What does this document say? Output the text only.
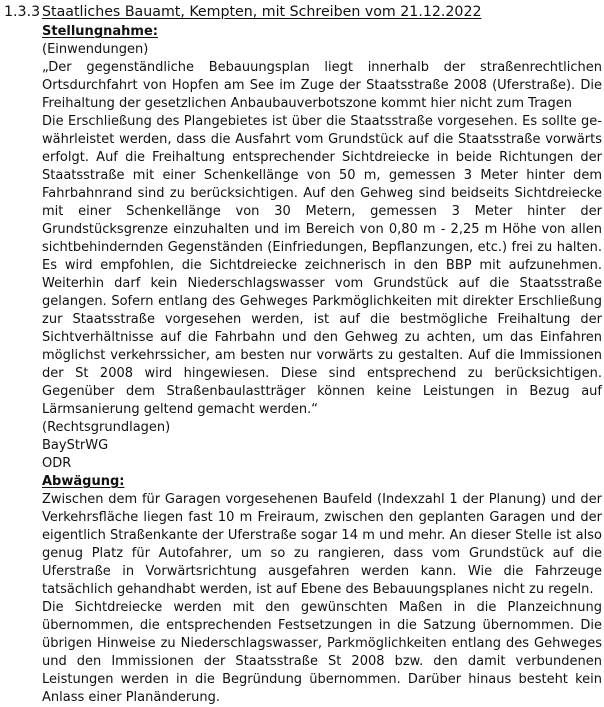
1.3.3 Staatliches Bauamt, Kempten, mit Schreiben vom 21.12.2022
Stellungnahme:
(Einwendungen)
„Der gegenständliche Bebauungsplan liegt innerhalb der straßenrechtlichen Ortsdurchfahrt von Hopfen am See im Zuge der Staatsstraße 2008 (Uferstraße). Die Freihaltung der gesetzlichen Anbaubauverbotszone kommt hier nicht zum Tragen
Die Erschließung des Plangebietes ist über die Staatsstraße vorgesehen. Es sollte gewährleistet werden, dass die Ausfahrt vom Grundstück auf die Staatsstraße vorwärts erfolgt. Auf die Freihaltung entsprechender Sichtdreiecke in beide Richtungen der Staatsstraße mit einer Schenkellänge von 50 m, gemessen 3 Meter hinter dem Fahrbahnrand sind zu berücksichtigen. Auf den Gehweg sind beidseits Sichtdreiecke mit einer Schenkellänge von 30 Metern, gemessen 3 Meter hinter der Grundstücksgrenze einzuhalten und im Bereich von 0,80 m - 2,25 m Höhe von allen sichtbehindernden Gegenständen (Einfriedungen, Bepflanzungen, etc.) frei zu halten. Es wird empfohlen, die Sichtdreiecke zeichnerisch in den BBP mit aufzunehmen. Weiterhin darf kein Niederschlagswasser vom Grundstück auf die Staatsstraße gelangen. Sofern entlang des Gehweges Parkmöglichkeiten mit direkter Erschließung zur Staatsstraße vorgesehen werden, ist auf die bestmögliche Freihaltung der Sichtverhältnisse auf die Fahrbahn und den Gehweg zu achten, um das Einfahren möglichst verkehrssicher, am besten nur vorwärts zu gestalten. Auf die Immissionen der St 2008 wird hingewiesen. Diese sind entsprechend zu berücksichtigen. Gegenüber dem Straßenbaulastträger können keine Leistungen in Bezug auf Lärmsanierung geltend gemacht werden.“
(Rechtsgrundlagen)
BayStrWG
ODR
Abwägung:
Zwischen dem für Garagen vorgesehenen Baufeld (Indexzahl 1 der Planung) und der Verkehrsfläche liegen fast 10 m Freiraum, zwischen den geplanten Garagen und der eigentlich Straßenkante der Uferstraße sogar 14 m und mehr. An dieser Stelle ist also genug Platz für Autofahrer, um so zu rangieren, dass vom Grundstück auf die Uferstraße in Vorwärtsrichtung ausgefahren werden kann. Wie die Fahrzeuge tatsächlich gehandhabt werden, ist auf Ebene des Bebauungsplanes nicht zu regeln.
Die Sichtdreiecke werden mit den gewünschten Maßen in die Planzeichnung übernommen, die entsprechenden Festsetzungen in die Satzung übernommen. Die übrigen Hinweise zu Niederschlagswasser, Parkmöglichkeiten entlang des Gehweges und den Immissionen der Staatsstraße St 2008 bzw. den damit verbundenen Leistungen werden in die Begründung übernommen. Darüber hinaus besteht kein Anlass einer Planänderung.
